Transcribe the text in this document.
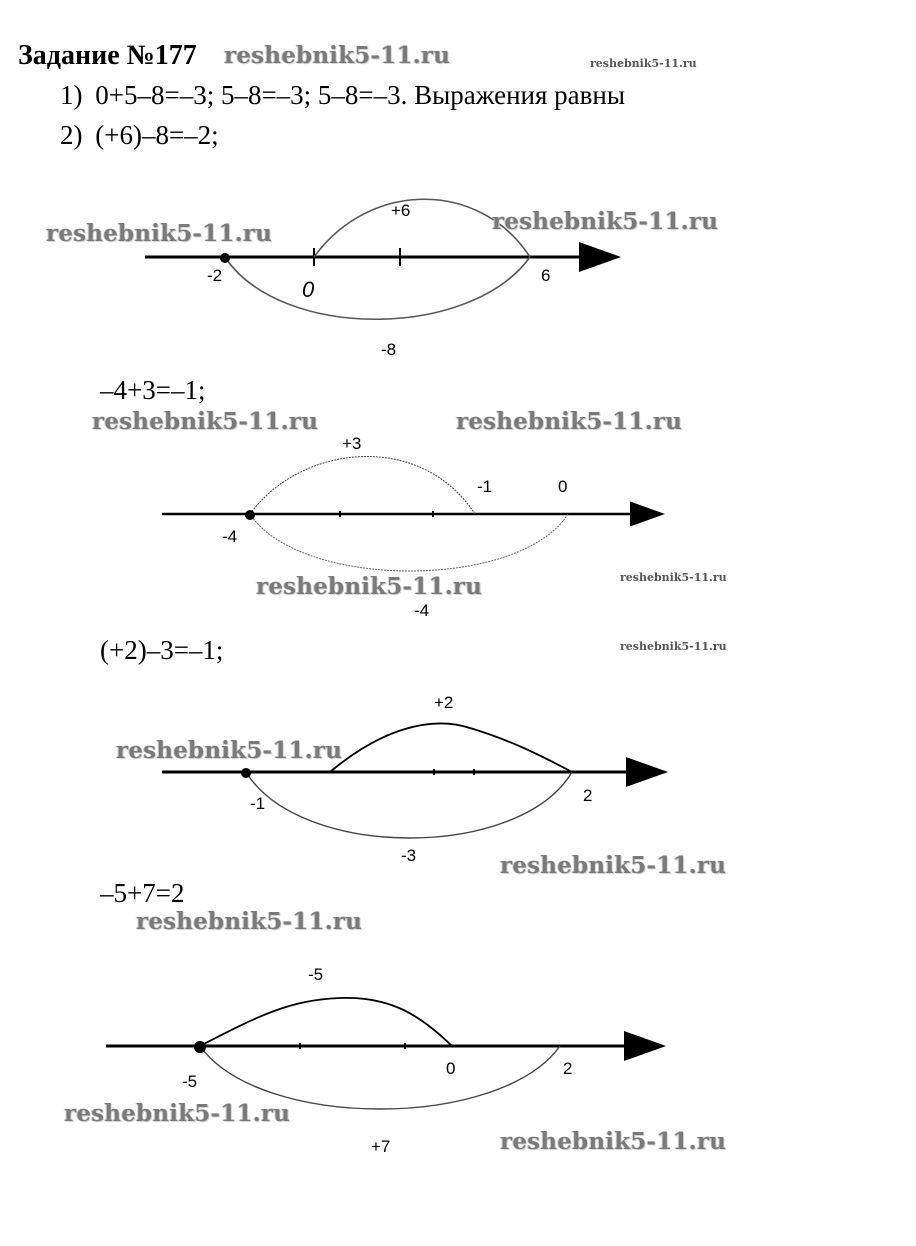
Задание №177 reshebnik5-11.ru	reshebnik5-11.ru
1) 0+5–8=–3; 5–8=–3; 5–8=–3. Выражения равны
2) (+6)–8=–2;
reshebnik5-11.ru	reshebnik5-11.ru
+6
-2
0
6
-8
–4+3=–1;
reshebnik5-11.ru	reshebnik5-11.ru
+3
-1	0
-4
reshebnik5-11.ru	reshebnik5-11.ru
-4
(+2)–3=–1;	reshebnik5-11.ru
+2
reshebnik5-11.ru
-1	2
-3	reshebnik5-11.ru
–5+7=2
reshebnik5-11.ru
-5
-5
0	2
reshebnik5-11.ru
reshebnik5-11.ru
+7
